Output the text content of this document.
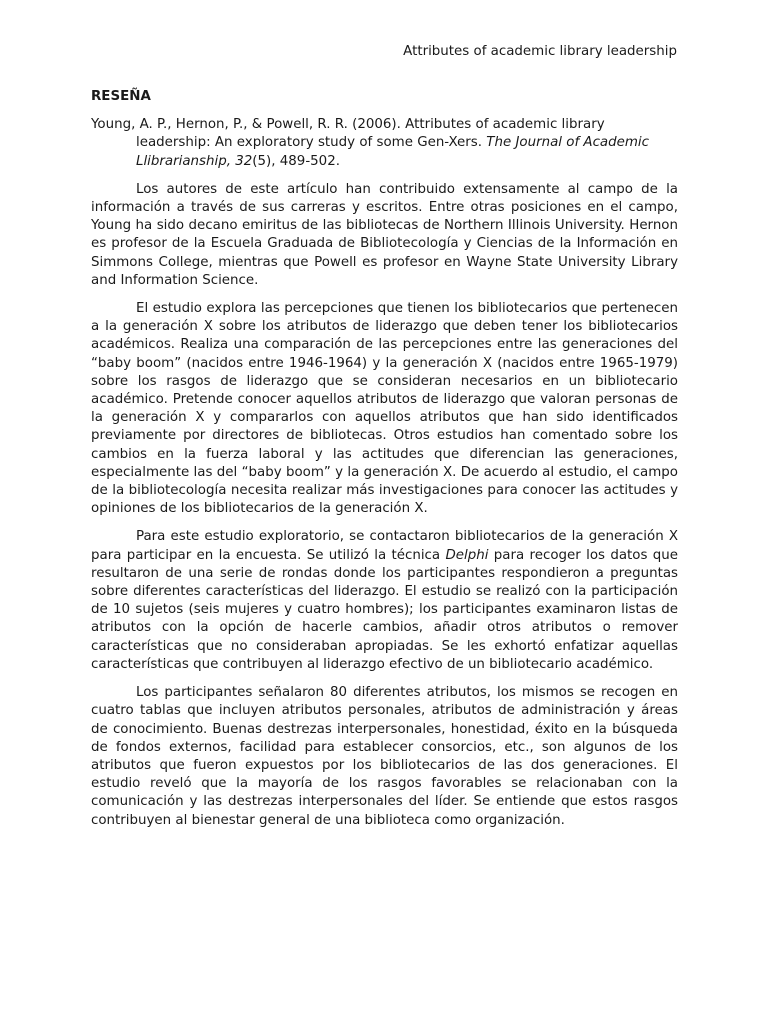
Attributes of academic library leadership
RESEÑA

Young, A. P., Hernon, P., & Powell, R. R. (2006). Attributes of academic library leadership: An exploratory study of some Gen-Xers. The Journal of Academic Llibrarianship, 32(5), 489-502.

Los autores de este artículo han contribuido extensamente al campo de la información a través de sus carreras y escritos. Entre otras posiciones en el campo, Young ha sido decano emiritus de las bibliotecas de Northern Illinois University. Hernon es profesor de la Escuela Graduada de Bibliotecología y Ciencias de la Información en Simmons College, mientras que Powell es profesor en Wayne State University Library and Information Science.

El estudio explora las percepciones que tienen los bibliotecarios que pertenecen a la generación X sobre los atributos de liderazgo que deben tener los bibliotecarios académicos. Realiza una comparación de las percepciones entre las generaciones del “baby boom” (nacidos entre 1946-1964) y la generación X (nacidos entre 1965-1979) sobre los rasgos de liderazgo que se consideran necesarios en un bibliotecario académico. Pretende conocer aquellos atributos de liderazgo que valoran personas de la generación X y compararlos con aquellos atributos que han sido identificados previamente por directores de bibliotecas. Otros estudios han comentado sobre los cambios en la fuerza laboral y las actitudes que diferencian las generaciones, especialmente las del “baby boom” y la generación X. De acuerdo al estudio, el campo de la bibliotecología necesita realizar más investigaciones para conocer las actitudes y opiniones de los bibliotecarios de la generación X.

Para este estudio exploratorio, se contactaron bibliotecarios de la generación X para participar en la encuesta. Se utilizó la técnica Delphi para recoger los datos que resultaron de una serie de rondas donde los participantes respondieron a preguntas sobre diferentes características del liderazgo. El estudio se realizó con la participación de 10 sujetos (seis mujeres y cuatro hombres); los participantes examinaron listas de atributos con la opción de hacerle cambios, añadir otros atributos o remover características que no consideraban apropiadas. Se les exhortó enfatizar aquellas características que contribuyen al liderazgo efectivo de un bibliotecario académico.

Los participantes señalaron 80 diferentes atributos, los mismos se recogen en cuatro tablas que incluyen atributos personales, atributos de administración y áreas de conocimiento. Buenas destrezas interpersonales, honestidad, éxito en la búsqueda de fondos externos, facilidad para establecer consorcios, etc., son algunos de los atributos que fueron expuestos por los bibliotecarios de las dos generaciones. El estudio reveló que la mayoría de los rasgos favorables se relacionaban con la comunicación y las destrezas interpersonales del líder. Se entiende que estos rasgos contribuyen al bienestar general de una biblioteca como organización.
